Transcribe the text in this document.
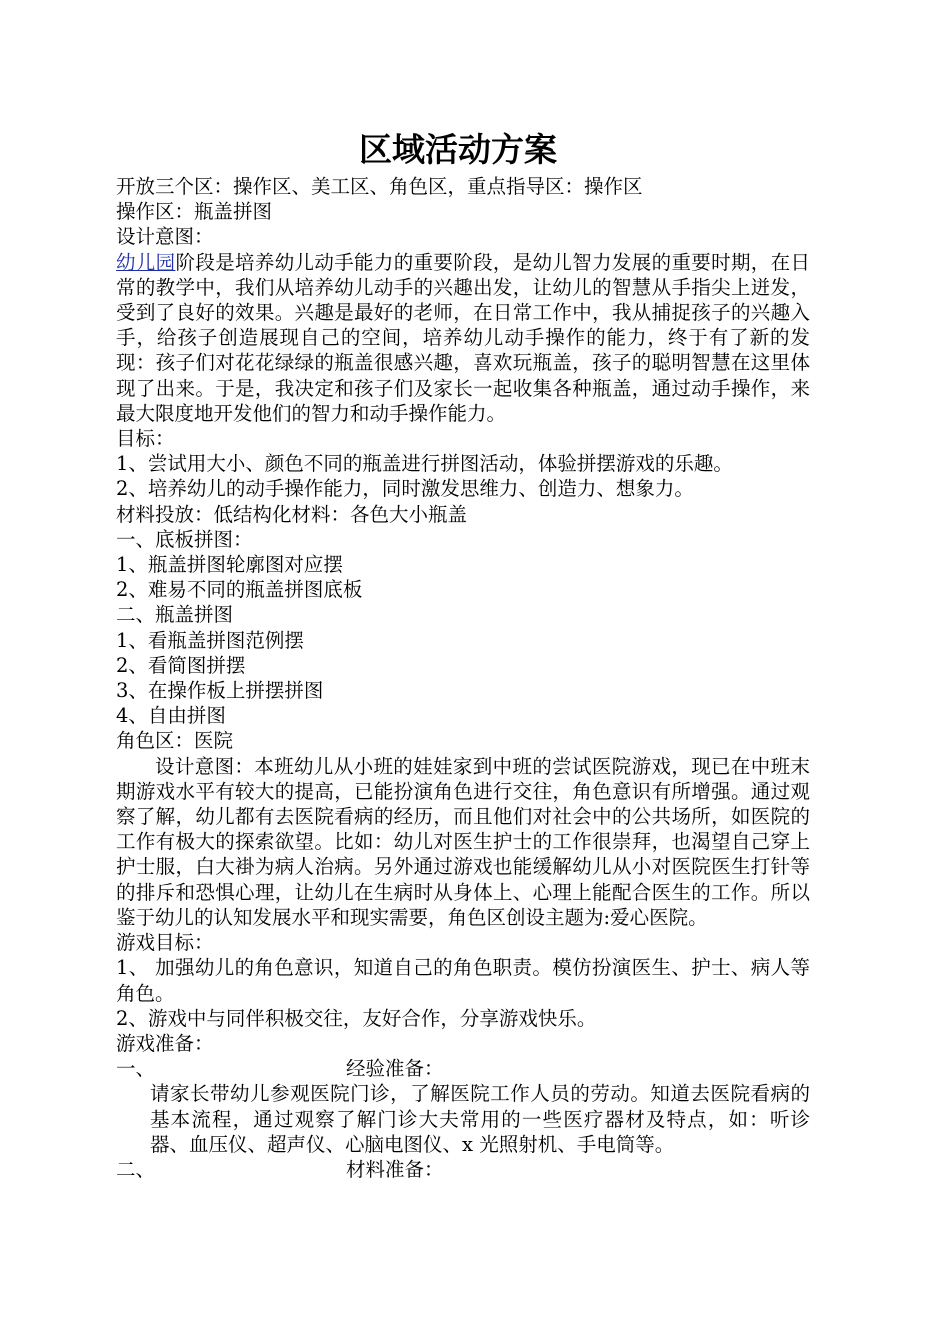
区域活动方案
开放三个区：操作区、美工区、角色区，重点指导区：操作区
操作区：瓶盖拼图
设计意图：
幼儿园阶段是培养幼儿动手能力的重要阶段，是幼儿智力发展的重要时期，在日常的教学中，我们从培养幼儿动手的兴趣出发，让幼儿的智慧从手指尖上迸发，受到了良好的效果。兴趣是最好的老师，在日常工作中，我从捕捉孩子的兴趣入手，给孩子创造展现自己的空间，培养幼儿动手操作的能力，终于有了新的发现：孩子们对花花绿绿的瓶盖很感兴趣，喜欢玩瓶盖，孩子的聪明智慧在这里体现了出来。于是，我决定和孩子们及家长一起收集各种瓶盖，通过动手操作，来最大限度地开发他们的智力和动手操作能力。
目标：
1、尝试用大小、颜色不同的瓶盖进行拼图活动，体验拼摆游戏的乐趣。
2、培养幼儿的动手操作能力，同时激发思维力、创造力、想象力。
材料投放：低结构化材料：各色大小瓶盖
一、底板拼图：
1、瓶盖拼图轮廓图对应摆
2、难易不同的瓶盖拼图底板
二、瓶盖拼图
1、看瓶盖拼图范例摆
2、看简图拼摆
3、在操作板上拼摆拼图
4、自由拼图
角色区：医院
设计意图：本班幼儿从小班的娃娃家到中班的尝试医院游戏，现已在中班末期游戏水平有较大的提高，已能扮演角色进行交往，角色意识有所增强。通过观察了解，幼儿都有去医院看病的经历，而且他们对社会中的公共场所，如医院的工作有极大的探索欲望。比如：幼儿对医生护士的工作很崇拜，也渴望自己穿上护士服，白大褂为病人治病。另外通过游戏也能缓解幼儿从小对医院医生打针等的排斥和恐惧心理，让幼儿在生病时从身体上、心理上能配合医生的工作。所以鉴于幼儿的认知发展水平和现实需要，角色区创设主题为:爱心医院。
游戏目标：
1、 加强幼儿的角色意识，知道自己的角色职责。模仿扮演医生、护士、病人等角色。
2、游戏中与同伴积极交往，友好合作，分享游戏快乐。
游戏准备：
一、	经验准备：
请家长带幼儿参观医院门诊，了解医院工作人员的劳动。知道去医院看病的基本流程，通过观察了解门诊大夫常用的一些医疗器材及特点，如：听诊器、血压仪、超声仪、心脑电图仪、x 光照射机、手电筒等。
二、	材料准备：
